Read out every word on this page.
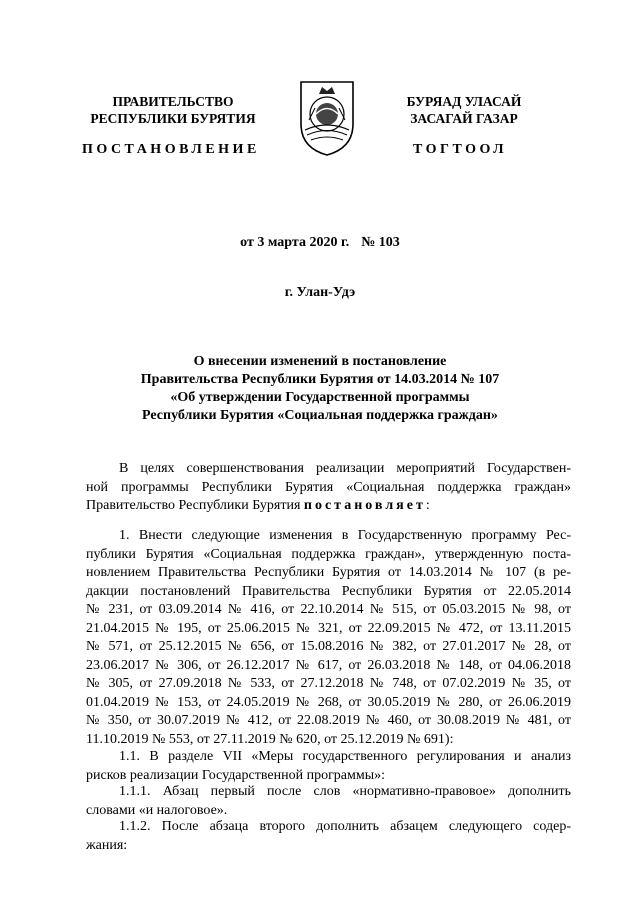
ПРАВИТЕЛЬСТВО
РЕСПУБЛИКИ БУРЯТИЯ
БУРЯАД УЛАСАЙ
ЗАСАГАЙ ГАЗАР
ПОСТАНОВЛЕНИЕ	ТОГТООЛ
от 3 марта 2020 г. № 103
г. Улан-Удэ
О внесении изменений в постановление
Правительства Республики Бурятия от 14.03.2014 № 107
«Об утверждении Государственной программы
Республики Бурятия «Социальная поддержка граждан»
В целях совершенствования реализации мероприятий Государствен-
ной программы Республики Бурятия «Социальная поддержка граждан»
Правительство Республики Бурятия постановляет:
1. Внести следующие изменения в Государственную программу Рес-
публики Бурятия «Социальная поддержка граждан», утвержденную поста-
новлением Правительства Республики Бурятия от 14.03.2014 № 107 (в ре-
дакции постановлений Правительства Республики Бурятия от 22.05.2014
№ 231, от 03.09.2014 № 416, от 22.10.2014 № 515, от 05.03.2015 № 98, от
21.04.2015 № 195, от 25.06.2015 № 321, от 22.09.2015 № 472, от 13.11.2015
№ 571, от 25.12.2015 № 656, от 15.08.2016 № 382, от 27.01.2017 № 28, от
23.06.2017 № 306, от 26.12.2017 № 617, от 26.03.2018 № 148, от 04.06.2018
№ 305, от 27.09.2018 № 533, от 27.12.2018 № 748, от 07.02.2019 № 35, от
01.04.2019 № 153, от 24.05.2019 № 268, от 30.05.2019 № 280, от 26.06.2019
№ 350, от 30.07.2019 № 412, от 22.08.2019 № 460, от 30.08.2019 № 481, от
11.10.2019 № 553, от 27.11.2019 № 620, от 25.12.2019 № 691):
1.1. В разделе VII «Меры государственного регулирования и анализ
рисков реализации Государственной программы»:
1.1.1. Абзац первый после слов «нормативно-правовое» дополнить
словами «и налоговое».
1.1.2. После абзаца второго дополнить абзацем следующего содер-
жания:
